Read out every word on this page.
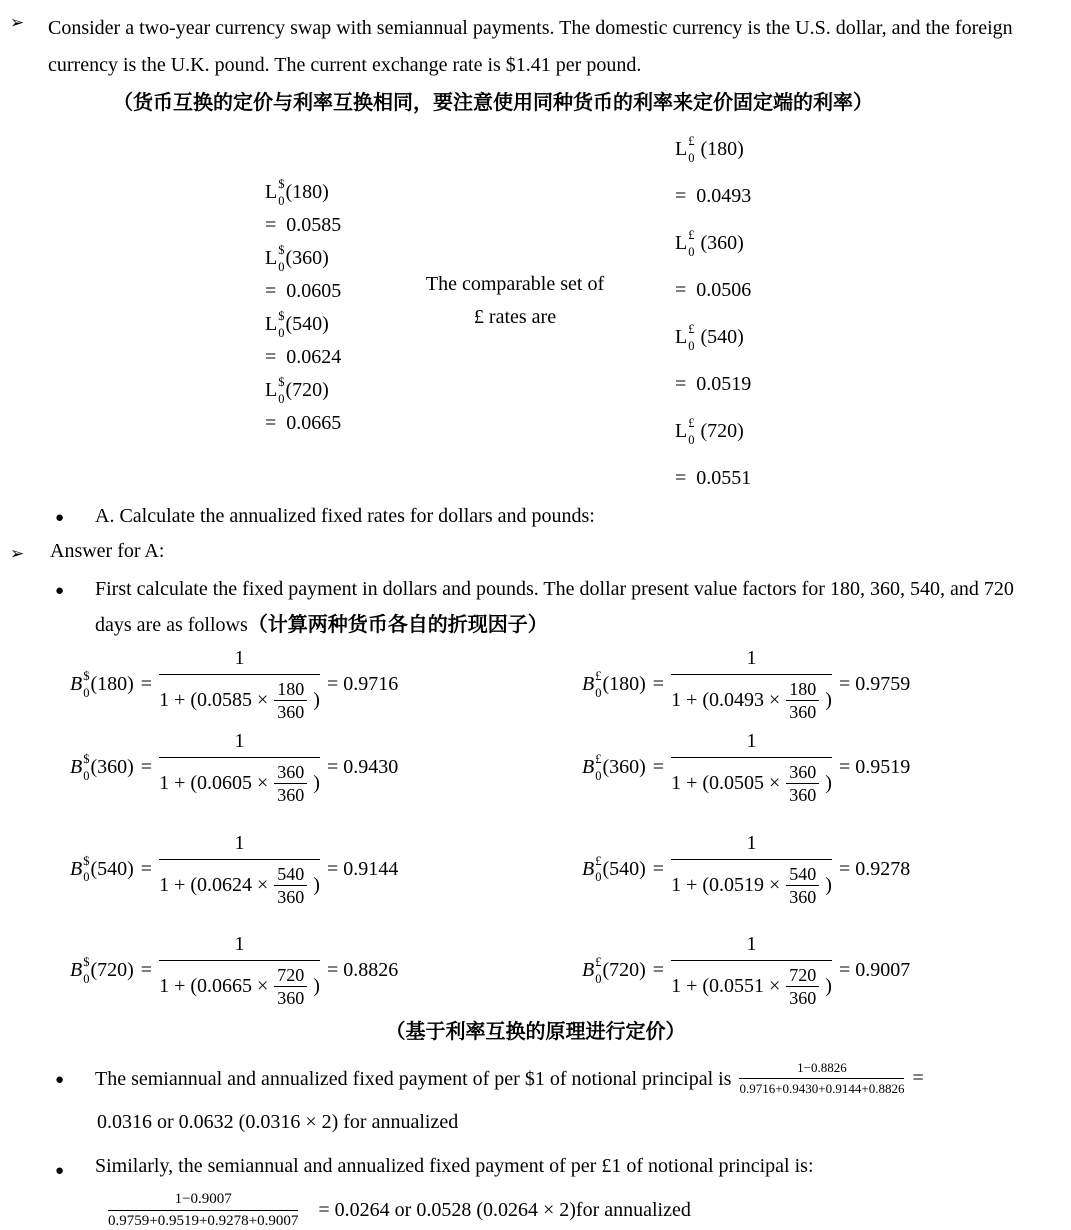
➢	Consider a two-year currency swap with semiannual payments. The domestic currency is the U.S. dollar, and the foreign currency is the U.K. pound. The current exchange rate is $1.41 per pound.
（货币互换的定价与利率互换相同，要注意使用同种货币的利率来定价固定端的利率）
L $
0 (180)
=  0.0585
L $
0 (360)
=  0.0605
L $
0 (540)
=  0.0624
L $
0 (720)
=  0.0665
The comparable set of
£ rates are
L £
0 (180)
=  0.0493
L £
0 (360)
=  0.0506
L £
0 (540)
=  0.0519
L £
0 (720)
=  0.0551
●	A. Calculate the annualized fixed rates for dollars and pounds:
➢	Answer for A:
●	First calculate the fixed payment in dollars and pounds. The dollar present value factors for 180, 360, 540, and 720 days are as follows（计算两种货币各自的折现因子）
B $
0 $(180) = \frac{1}{1 + (0.0585 \times \frac{180}{360} )} = 0.9716$	B £
0 $(180) = \frac{1}{1 + (0.0493 \times \frac{180}{360} )} = 0.9759$
B $
0 $(360) = \frac{1}{1 + (0.0605 \times \frac{360}{360} )} = 0.9430$	B £
0 $(360) = \frac{1}{1 + (0.0505 \times \frac{360}{360} )} = 0.9519$
B $
0 $(540) = \frac{1}{1 + (0.0624 \times \frac{540}{360} )} = 0.9144$	B £
0 $(540) = \frac{1}{1 + (0.0519 \times \frac{540}{360} )} = 0.9278$
B $
0 $(720) = \frac{1}{1 + (0.0665 \times \frac{720}{360} )} = 0.8826$	B £
0 $(720) = \frac{1}{1 + (0.0551 \times \frac{720}{360} )} = 0.9007$
（基于利率互换的原理进行定价）
●	The semiannual and annualized fixed payment of per $1 of notional principal is $\frac{1-0.8826}{0.9716+0.9430+0.9144+0.8826}$ =
0.0316 or 0.0632 (0.0316 × 2) for annualized
●	Similarly, the semiannual and annualized fixed payment of per £1 of notional principal is:
$\frac{1-0.9007}{0.9759+0.9519+0.9278+0.9007} = 0.0264$ or 0.0528 (0.0264 × 2)for annualized
